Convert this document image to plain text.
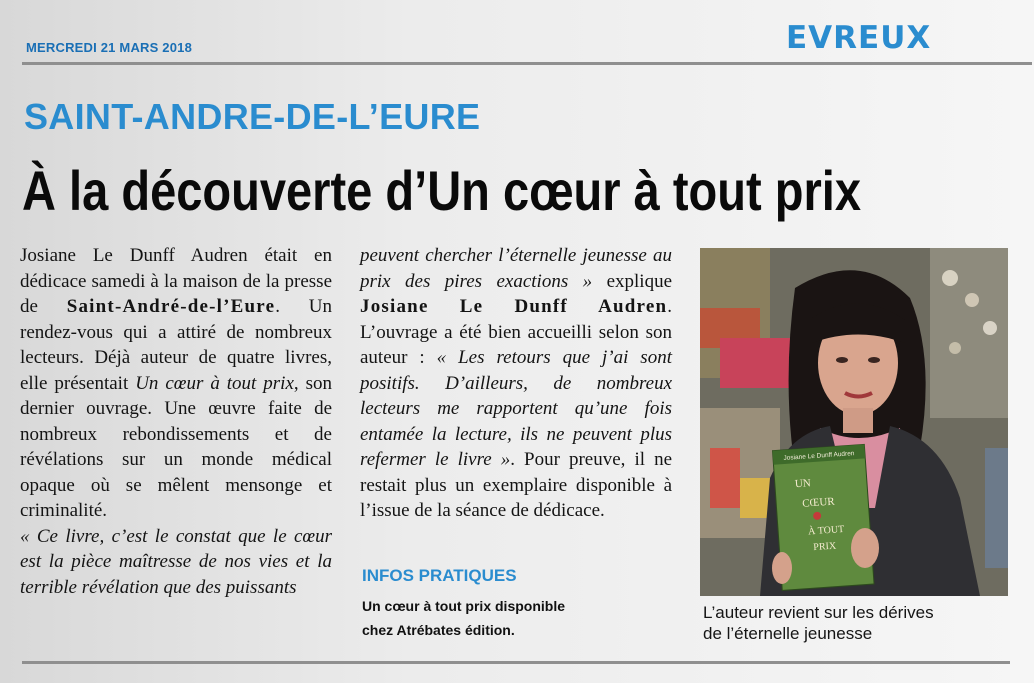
MERCREDI 21 MARS 2018	EVREUX
SAINT-ANDRE-DE-L’EURE
À la découverte d’Un cœur à tout prix

Josiane Le Dunff Audren était en dédicace samedi à la maison de la presse de Saint-André-de-l’Eure. Un rendez-vous qui a attiré de nombreux lecteurs. Déjà auteur de quatre livres, elle présentait Un cœur à tout prix, son dernier ouvrage. Une œuvre faite de nombreux rebondissements et de révélations sur un monde médical opaque où se mêlent mensonge et criminalité.

« Ce livre, c’est le constat que le cœur est la pièce maîtresse de nos vies et la terrible révélation que des puissants

peuvent chercher l’éternelle jeunesse au prix des pires exactions » explique Josiane Le Dunff Audren. L’ouvrage a été bien accueilli selon son auteur : « Les retours que j’ai sont positifs. D’ailleurs, de nombreux lecteurs me rapportent qu’une fois entamée la lecture, ils ne peuvent plus refermer le livre ». Pour preuve, il ne restait plus un exemplaire disponible à l’issue de la séance de dédicace.

INFOS PRATIQUES
Un cœur à tout prix disponible
chez Atrébates édition.
Josiane Le Dunff Audren
UN
CŒUR
À TOUT
PRIX
L’auteur revient sur les dérives
de l’éternelle jeunesse
